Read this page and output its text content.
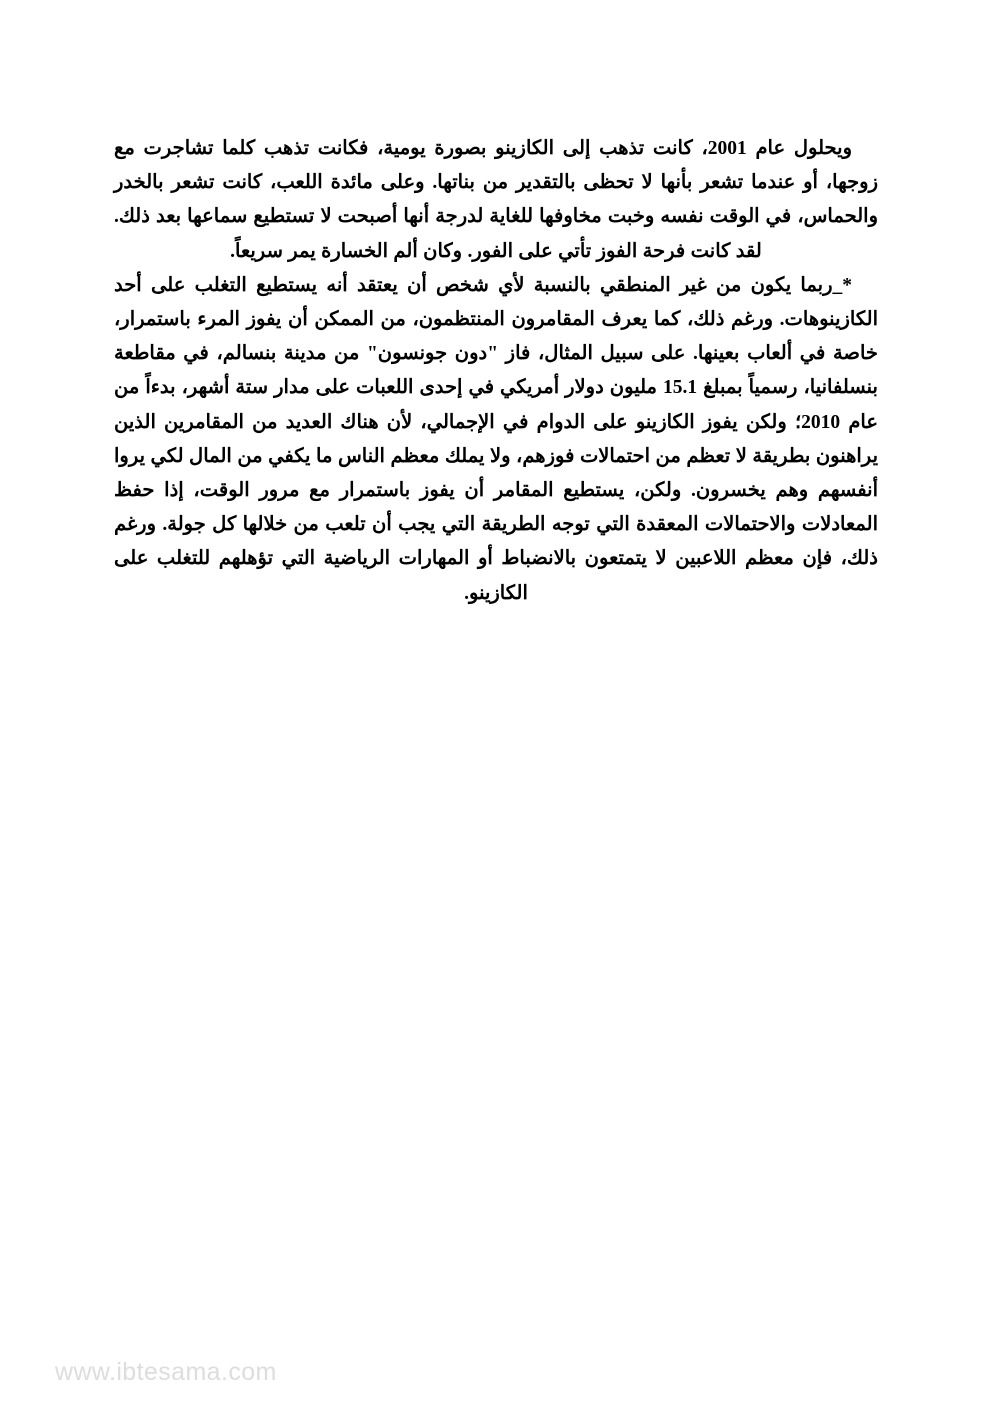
ويحلول عام 2001، كانت تذهب إلى الكازينو بصورة يومية، فكانت تذهب كلما تشاجرت مع زوجها، أو عندما تشعر بأنها لا تحظى بالتقدير من بناتها. وعلى مائدة اللعب، كانت تشعر بالخدر والحماس، في الوقت نفسه وخبت مخاوفها للغاية لدرجة أنها أصبحت لا تستطيع سماعها بعد ذلك. لقد كانت فرحة الفوز تأتي على الفور. وكان ألم الخسارة يمر سريعاً.

*_ربما يكون من غير المنطقي بالنسبة لأي شخص أن يعتقد أنه يستطيع التغلب على أحد الكازينوهات. ورغم ذلك، كما يعرف المقامرون المنتظمون، من الممكن أن يفوز المرء باستمرار، خاصة في ألعاب بعينها. على سبيل المثال، فاز "دون جونسون" من مدينة بنسالم، في مقاطعة بنسلفانيا، رسمياً بمبلغ 15.1 مليون دولار أمريكي في إحدى اللعبات على مدار ستة أشهر، بدءاً من عام 2010؛ ولكن يفوز الكازينو على الدوام في الإجمالي، لأن هناك العديد من المقامرين الذين يراهنون بطريقة لا تعظم من احتمالات فوزهم، ولا يملك معظم الناس ما يكفي من المال لكي يروا أنفسهم وهم يخسرون. ولكن، يستطيع المقامر أن يفوز باستمرار مع مرور الوقت، إذا حفظ المعادلات والاحتمالات المعقدة التي توجه الطريقة التي يجب أن تلعب من خلالها كل جولة. ورغم ذلك، فإن معظم اللاعبين لا يتمتعون بالانضباط أو المهارات الرياضية التي تؤهلهم للتغلب على الكازينو.

www.ibtesama.com
